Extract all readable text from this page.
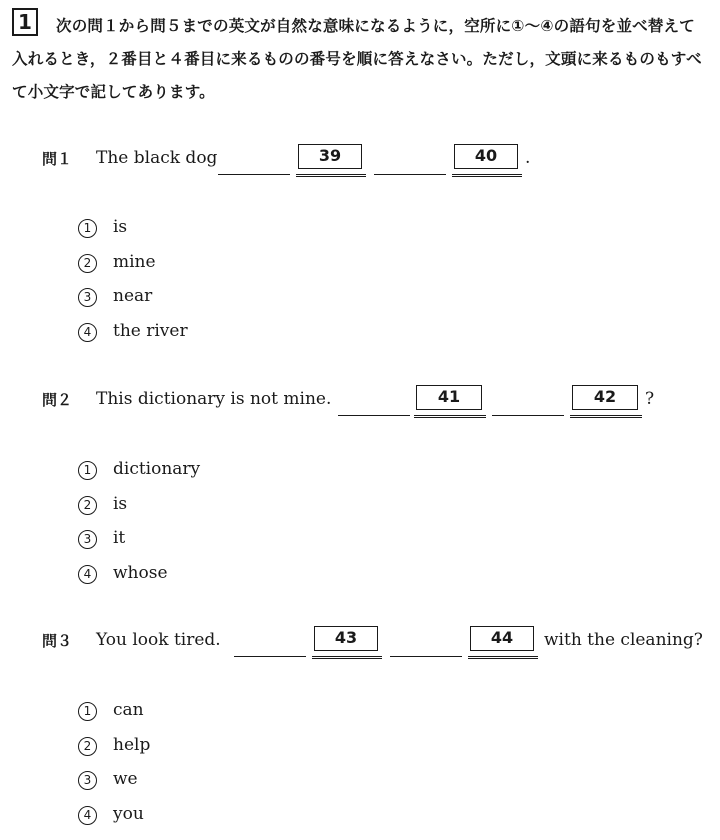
1	次の問１から問５までの英文が自然な意味になるように，空所に①〜④の語句を並べ替えて入れるとき，２番目と４番目に来るものの番号を順に答えなさい。ただし，文頭に来るものもすべて小文字で記してあります。
問１ The black dog	39	40	.
1	is
2	mine
3	near
4	the river
問２ This dictionary is not mine.	41	42	?
1	dictionary
2	is
3	it
4	whose
問３ You look tired.	43	44	with the cleaning?
1	can
2	help
3	we
4	you
